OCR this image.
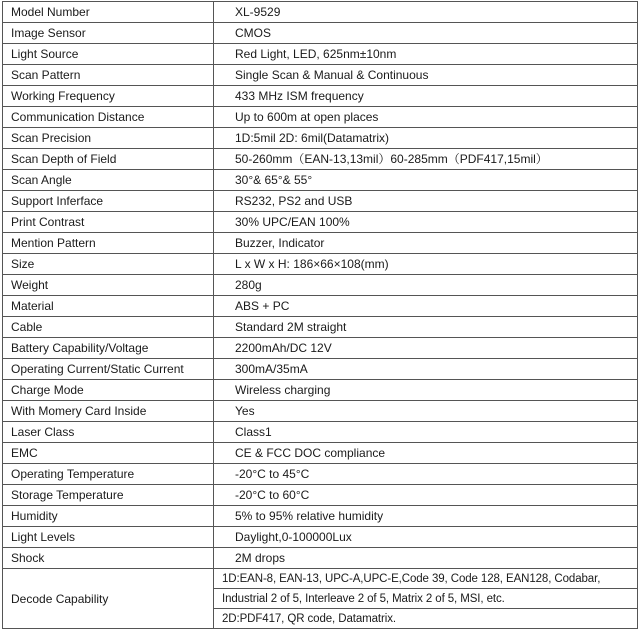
Model Number	XL-9529
Image Sensor	CMOS
Light Source	Red Light, LED, 625nm±10nm
Scan Pattern	Single Scan & Manual & Continuous
Working Frequency	433 MHz ISM frequency
Communication Distance	Up to 600m at open places
Scan Precision	1D:5mil 2D: 6mil(Datamatrix)
Scan Depth of Field	50-260mm（EAN-13,13mil）60-285mm（PDF417,15mil）
Scan Angle	30°& 65°& 55°
Support Inferface	RS232, PS2 and USB
Print Contrast	30% UPC/EAN 100%
Mention Pattern	Buzzer, Indicator
Size	L x W x H: 186×66×108(mm)
Weight	280g
Material	ABS + PC
Cable	Standard 2M straight
Battery Capability/Voltage	2200mAh/DC 12V
Operating Current/Static Current	300mA/35mA
Charge Mode	Wireless charging
With Momery Card Inside	Yes
Laser Class	Class1
EMC	CE & FCC DOC compliance
Operating Temperature	-20°C to 45°C
Storage Temperature	-20°C to 60°C
Humidity	5% to 95% relative humidity
Light Levels	Daylight,0-100000Lux
Shock	2M drops
Decode Capability	1D:EAN-8, EAN-13, UPC-A,UPC-E,Code 39, Code 128, EAN128, Codabar,
	Industrial 2 of 5, Interleave 2 of 5, Matrix 2 of 5, MSI, etc.
	2D:PDF417, QR code, Datamatrix.
